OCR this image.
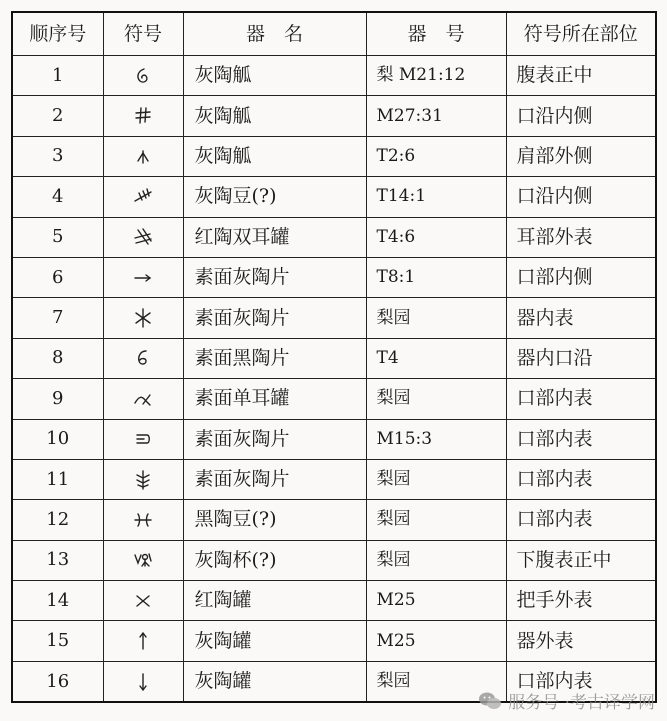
顺序号	符号	器　名	器　号	符号所在部位
1		灰陶觚	梨 M21:12	腹表正中
2		灰陶觚	M27:31	口沿内侧
3		灰陶觚	T2:6	肩部外侧
4		灰陶豆(?)	T14:1	口沿内侧
5		红陶双耳罐	T4:6	耳部外表
6		素面灰陶片	T8:1	口部内侧
7		素面灰陶片	梨园	器内表
8		素面黑陶片	T4	器内口沿
9		素面单耳罐	梨园	口部内表
10		素面灰陶片	M15:3	口部内表
11		素面灰陶片	梨园	口部内表
12		黑陶豆(?)	梨园	口部内表
13		灰陶杯(?)	梨园	下腹表正中
14		红陶罐	M25	把手外表
15		灰陶罐	M25	器外表
16		灰陶罐	梨园	口部内表
服务号 ·考古译学网
